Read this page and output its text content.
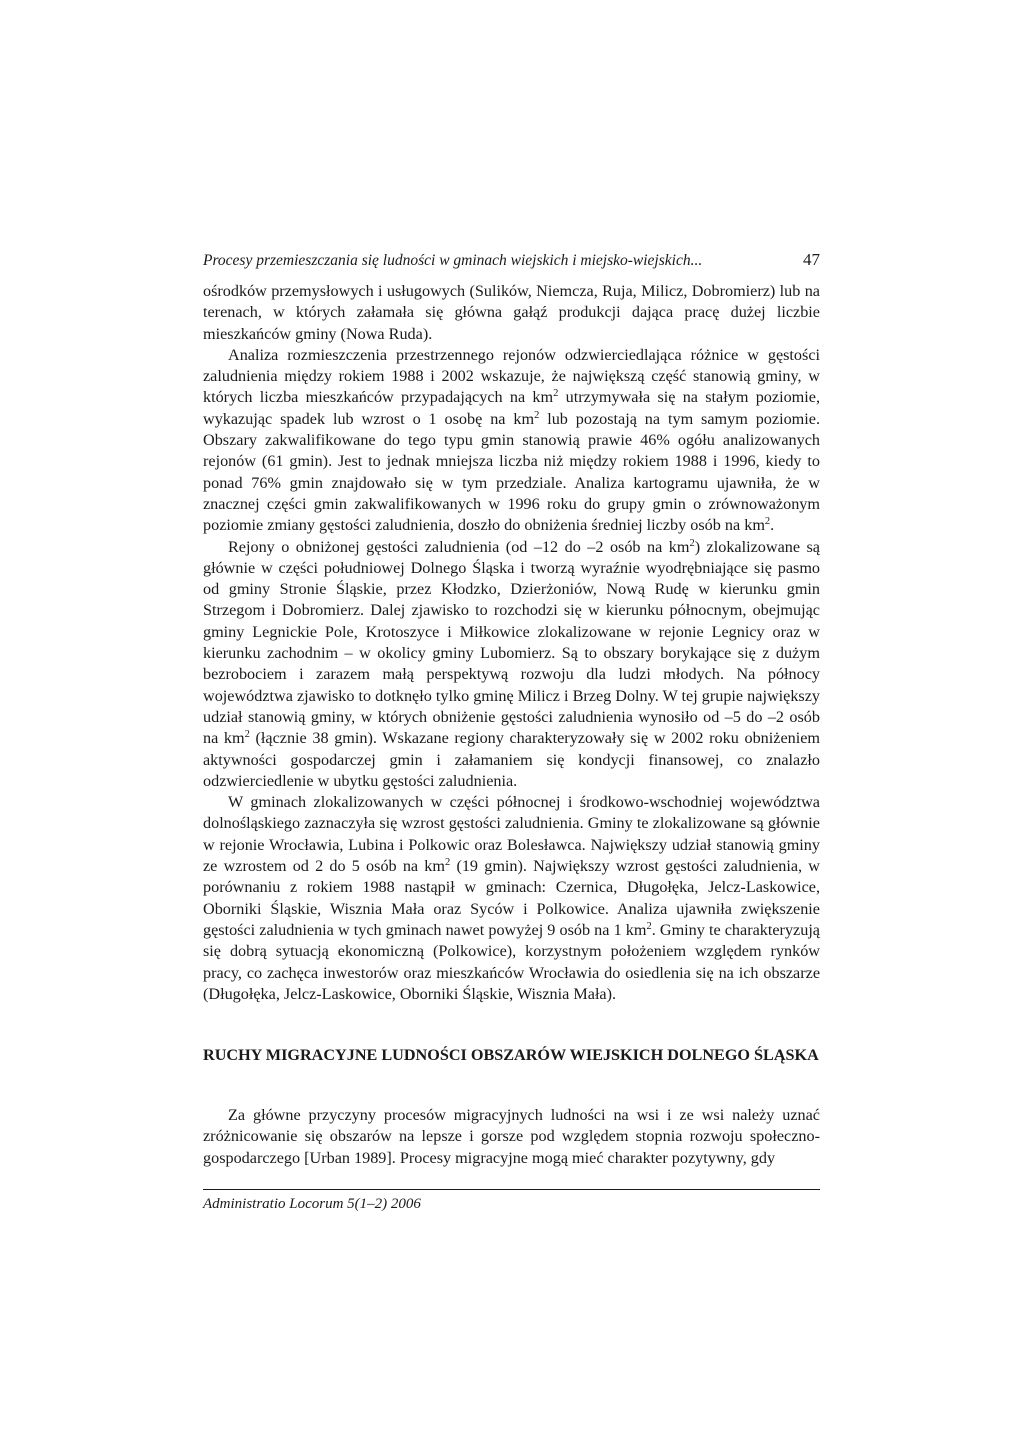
Procesy przemieszczania się ludności w gminach wiejskich i miejsko-wiejskich...	47

ośrodków przemysłowych i usługowych (Sulików, Niemcza, Ruja, Milicz, Dobromierz) lub na terenach, w których załamała się główna gałąź produkcji dająca pracę dużej liczbie mieszkańców gminy (Nowa Ruda).

Analiza rozmieszczenia przestrzennego rejonów odzwierciedlająca różnice w gęstości zaludnienia między rokiem 1988 i 2002 wskazuje, że największą część stanowią gminy, w których liczba mieszkańców przypadających na $km^2$ utrzymywała się na stałym poziomie, wykazując spadek lub wzrost o 1 osobę na $km^2$ lub pozostają na tym samym poziomie. Obszary zakwalifikowane do tego typu gmin stanowią prawie 46% ogółu analizowanych rejonów (61 gmin). Jest to jednak mniejsza liczba niż między rokiem 1988 i 1996, kiedy to ponad 76% gmin znajdowało się w tym przedziale. Analiza kartogramu ujawniła, że w znacznej części gmin zakwalifikowanych w 1996 roku do grupy gmin o zrównoważonym poziomie zmiany gęstości zaludnienia, doszło do obniżenia średniej liczby osób na $km^2$.

Rejony o obniżonej gęstości zaludnienia (od –12 do –2 osób na $km^2$) zlokalizowane są głównie w części południowej Dolnego Śląska i tworzą wyraźnie wyodrębniające się pasmo od gminy Stronie Śląskie, przez Kłodzko, Dzierżoniów, Nową Rudę w kierunku gmin Strzegom i Dobromierz. Dalej zjawisko to rozchodzi się w kierunku północnym, obejmując gminy Legnickie Pole, Krotoszyce i Miłkowice zlokalizowane w rejonie Legnicy oraz w kierunku zachodnim – w okolicy gminy Lubomierz. Są to obszary borykające się z dużym bezrobociem i zarazem małą perspektywą rozwoju dla ludzi młodych. Na północy województwa zjawisko to dotknęło tylko gminę Milicz i Brzeg Dolny. W tej grupie największy udział stanowią gminy, w których obniżenie gęstości zaludnienia wynosiło od –5 do –2 osób na $km^2$ (łącznie 38 gmin). Wskazane regiony charakteryzowały się w 2002 roku obniżeniem aktywności gospodarczej gmin i załamaniem się kondycji finansowej, co znalazło odzwierciedlenie w ubytku gęstości zaludnienia.

W gminach zlokalizowanych w części północnej i środkowo-wschodniej województwa dolnośląskiego zaznaczyła się wzrost gęstości zaludnienia. Gminy te zlokalizowane są głównie w rejonie Wrocławia, Lubina i Polkowic oraz Bolesławca. Największy udział stanowią gminy ze wzrostem od 2 do 5 osób na $km^2$ (19 gmin). Największy wzrost gęstości zaludnienia, w porównaniu z rokiem 1988 nastąpił w gminach: Czernica, Długołęka, Jelcz-Laskowice, Oborniki Śląskie, Wisznia Mała oraz Syców i Polkowice. Analiza ujawniła zwiększenie gęstości zaludnienia w tych gminach nawet powyżej 9 osób na 1 $km^2$. Gminy te charakteryzują się dobrą sytuacją ekonomiczną (Polkowice), korzystnym położeniem względem rynków pracy, co zachęca inwestorów oraz mieszkańców Wrocławia do osiedlenia się na ich obszarze (Długołęka, Jelcz-Laskowice, Oborniki Śląskie, Wisznia Mała).

RUCHY MIGRACYJNE LUDNOŚCI OBSZARÓW WIEJSKICH DOLNEGO ŚLĄSKA

Za główne przyczyny procesów migracyjnych ludności na wsi i ze wsi należy uznać zróżnicowanie się obszarów na lepsze i gorsze pod względem stopnia rozwoju społeczno-gospodarczego [Urban 1989]. Procesy migracyjne mogą mieć charakter pozytywny, gdy

Administratio Locorum 5(1–2) 2006
